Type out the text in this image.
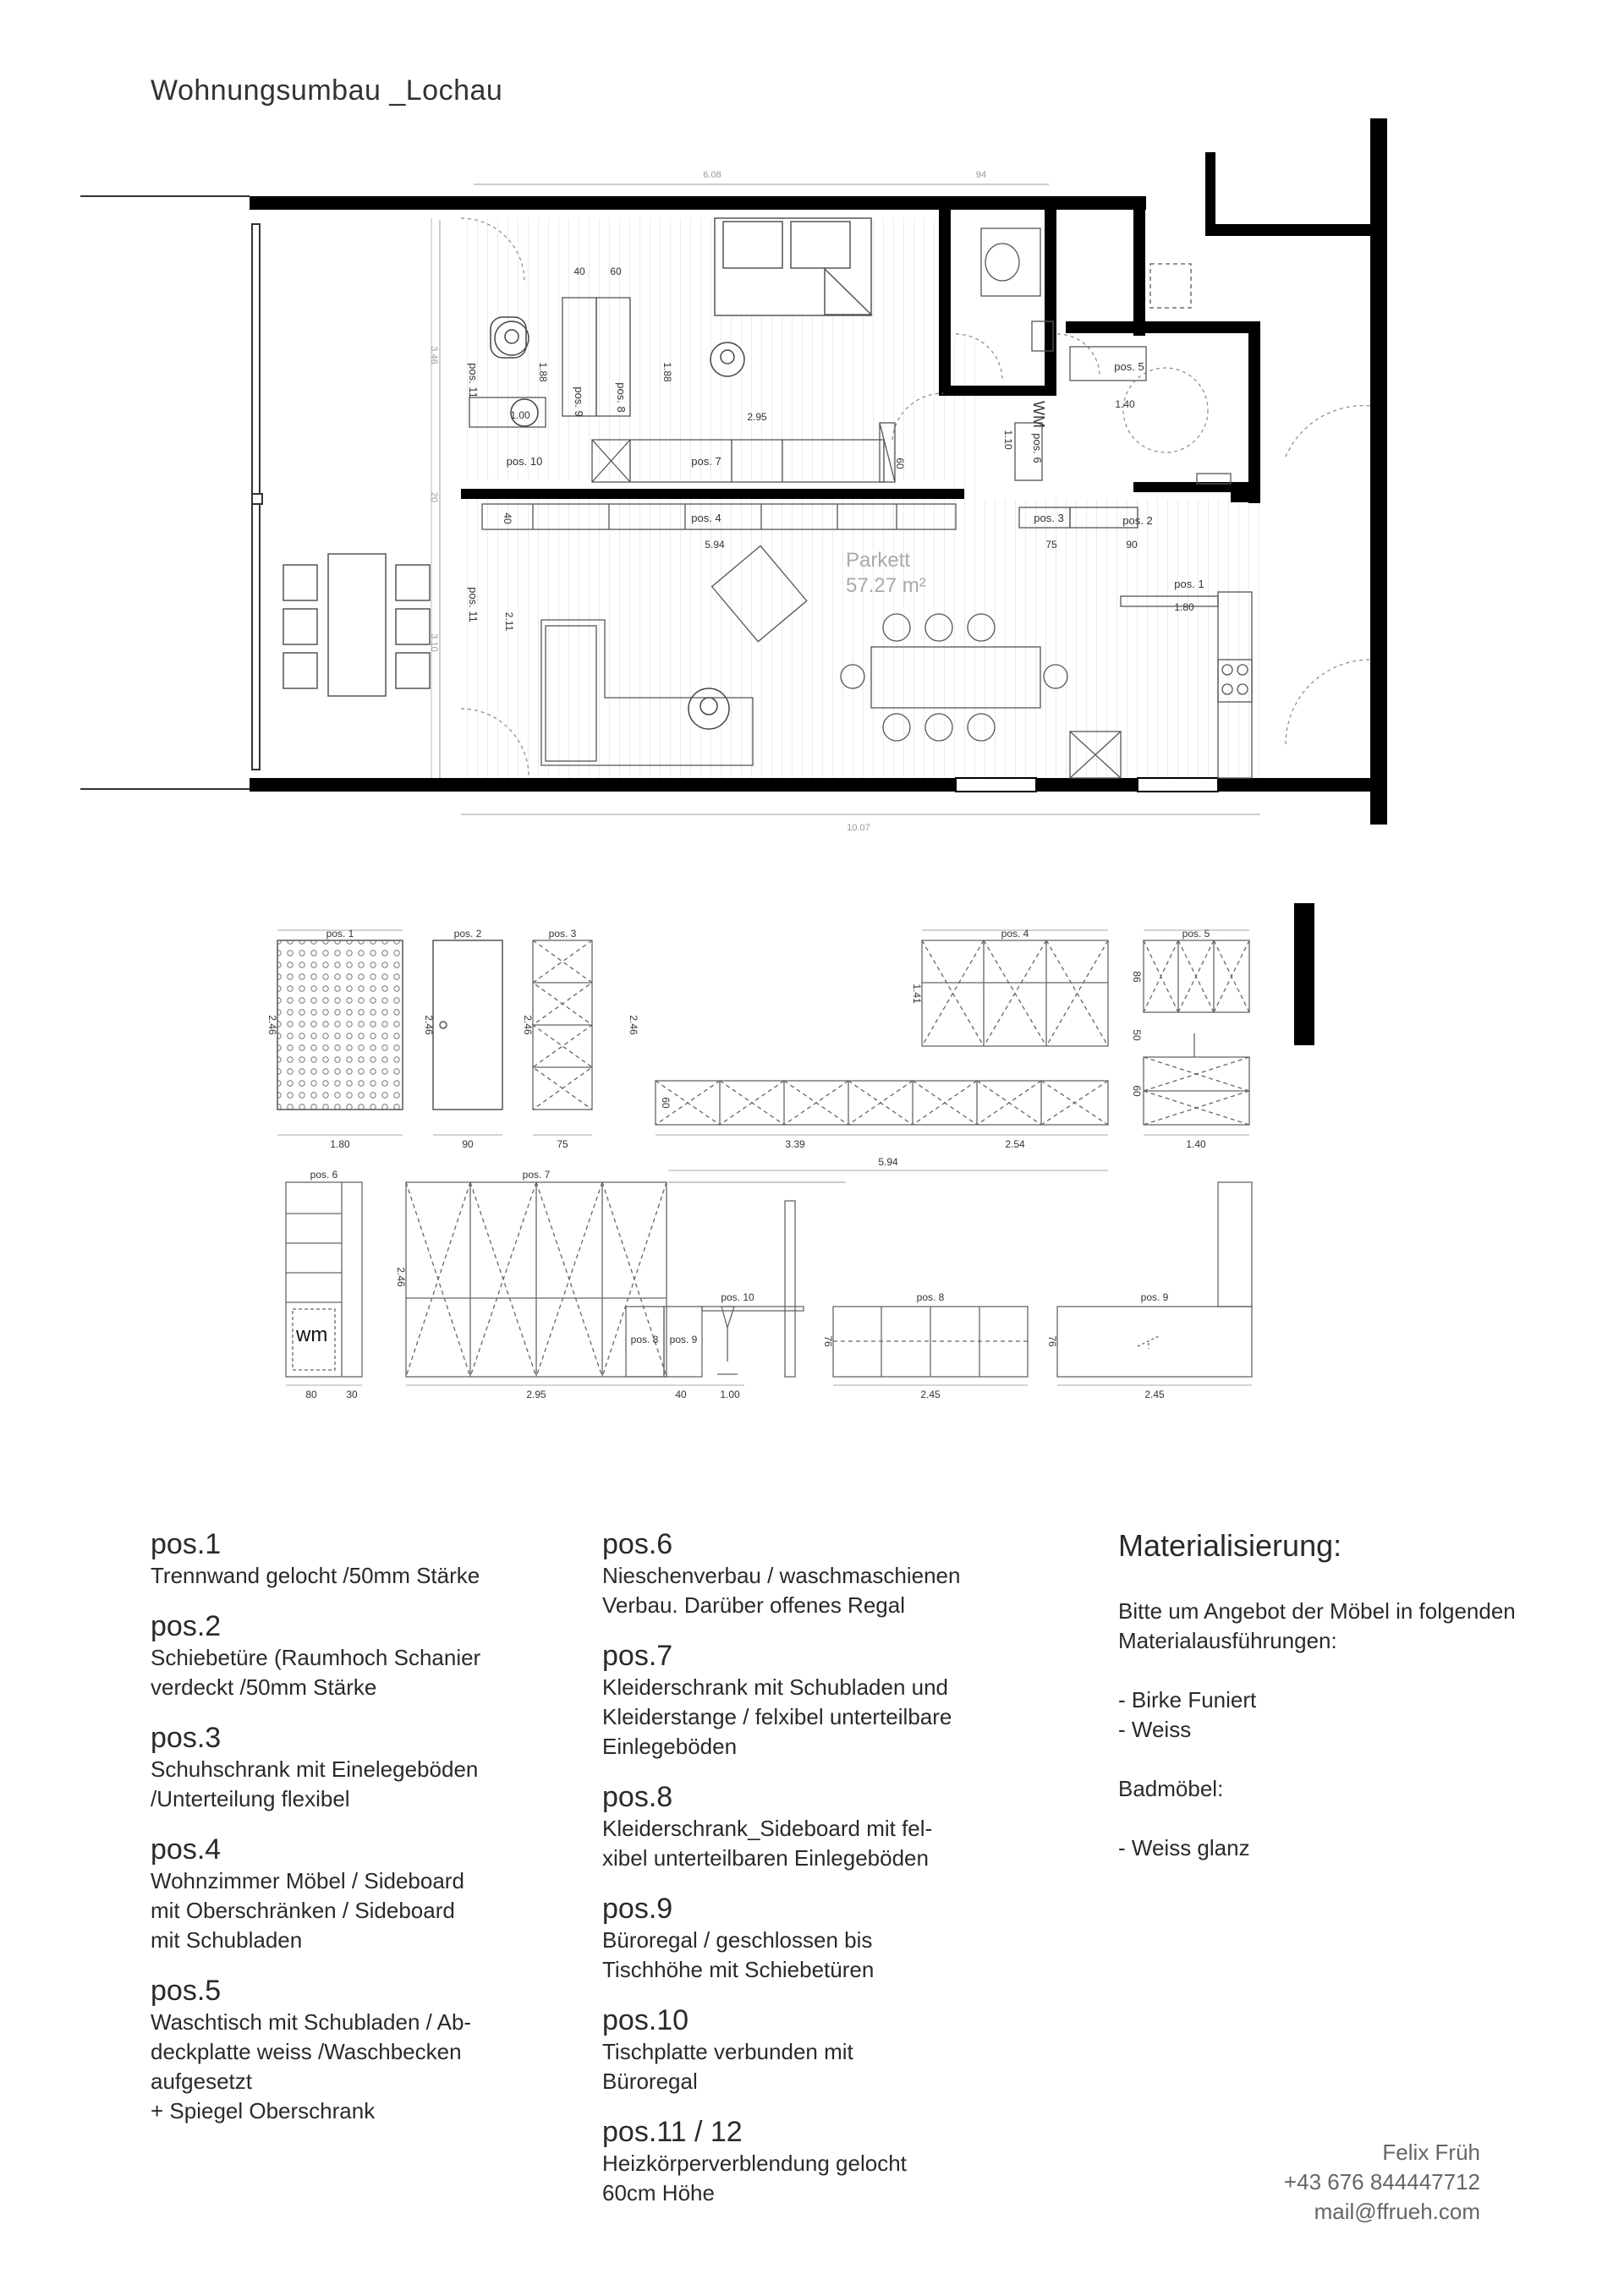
Wohnungsumbau _Lochau
6.08	94
10.07
3.46
20
3.10
40 60
1.88	1.88
1.00	2.95
60
1.10
1.40
40
5.94	75	90
1.80
2.11
pos. 1
pos. 2
pos. 3
pos. 4
pos. 5
pos. 6
pos. 7
pos. 8
pos. 9
pos. 10
pos. 11
pos. 11
WM
Parkett
57.27 m²
pos. 1	pos. 2	pos. 3	pos. 4	pos. 5
1.80	90	75	3.39	2.54	1.40
2.46	2.46	2.46	2.46
1.41
60
86
50
60
pos. 6	pos. 7
5.94
pos. 10
pos. 8 pos. 9
pos. 8	pos. 9
80	30	2.95	40	1.00	2.45	2.45
2.46
76	76
wm
pos.1
Trennwand gelocht /50mm Stärke
pos.2
Schiebetüre (Raumhoch Schanier
verdeckt /50mm Stärke
pos.3
Schuhschrank mit Einelegeböden
/Unterteilung flexibel
pos.4
Wohnzimmer Möbel / Sideboard
mit Oberschränken / Sideboard
mit Schubladen
pos.5
Waschtisch mit Schubladen / Ab-
deckplatte weiss /Waschbecken
aufgesetzt
+ Spiegel Oberschrank
pos.6
Nieschenverbau / waschmaschienen
Verbau. Darüber offenes Regal
pos.7
Kleiderschrank mit Schubladen und
Kleiderstange / felxibel unterteilbare
Einlegeböden
pos.8
Kleiderschrank_Sideboard mit fel-
xibel unterteilbaren Einlegeböden
pos.9
Büroregal / geschlossen bis
Tischhöhe mit Schiebetüren
pos.10
Tischplatte verbunden mit
Büroregal
pos.11 / 12
Heizkörperverblendung gelocht
60cm Höhe
Materialisierung:
Bitte um Angebot der Möbel in folgenden
Materialausführungen:
- Birke Funiert
- Weiss
Badmöbel:
- Weiss glanz
Felix Früh
+43 676 844447712
mail@ffrueh.com
